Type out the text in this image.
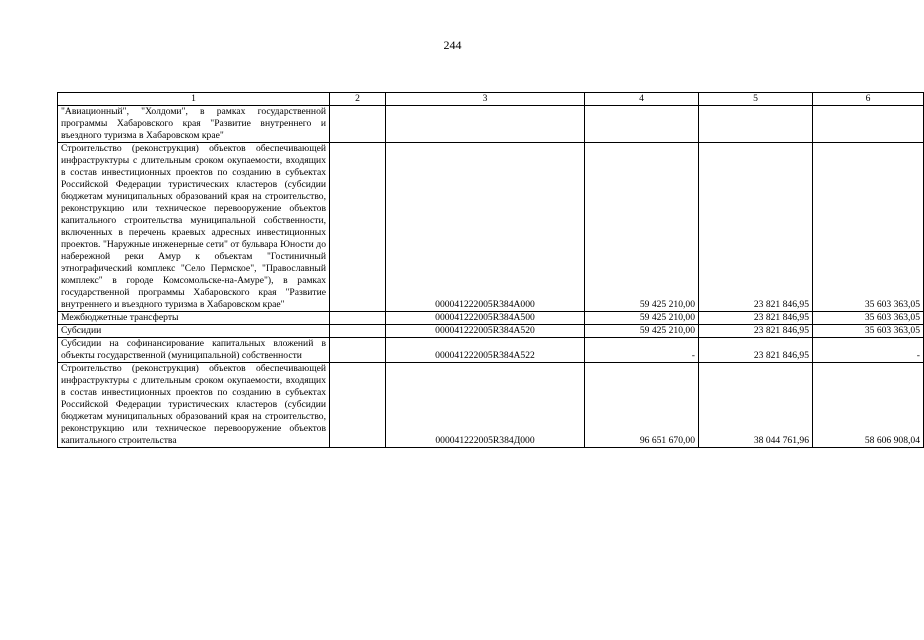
244
1	2	3	4	5	6
"Авиационный", "Холдоми", в рамках государственной программы Хабаровского края "Развитие внутреннего и въездного туризма в Хабаровском крае"					
Строительство (реконструкция) объектов обеспечивающей инфраструктуры с длительным сроком окупаемости, входящих в состав инвестиционных проектов по созданию в субъектах Российской Федерации туристических кластеров (субсидии бюджетам муниципальных образований края на строительство, реконструкцию или техническое перевооружение объектов капитального строительства муниципальной собственности, включенных в перечень краевых адресных инвестиционных проектов. "Наружные инженерные сети" от бульвара Юности до набережной реки Амур к объектам "Гостиничный этнографический комплекс "Село Пермское", "Православный комплекс" в городе Комсомольске-на-Амуре"), в рамках государственной программы Хабаровского края "Развитие внутреннего и въездного туризма в Хабаровском крае"		000041222005R384A000	59 425 210,00	23 821 846,95	35 603 363,05
Межбюджетные трансферты		000041222005R384A500	59 425 210,00	23 821 846,95	35 603 363,05
Субсидии		000041222005R384A520	59 425 210,00	23 821 846,95	35 603 363,05
Субсидии на софинансирование капитальных вложений в объекты государственной (муниципальной) собственности		000041222005R384A522	-	23 821 846,95	-
Строительство (реконструкция) объектов обеспечивающей инфраструктуры с длительным сроком окупаемости, входящих в состав инвестиционных проектов по созданию в субъектах Российской Федерации туристических кластеров (субсидии бюджетам муниципальных образований края на строительство, реконструкцию или техническое перевооружение объектов капитального строительства		000041222005R384Д000	96 651 670,00	38 044 761,96	58 606 908,04
